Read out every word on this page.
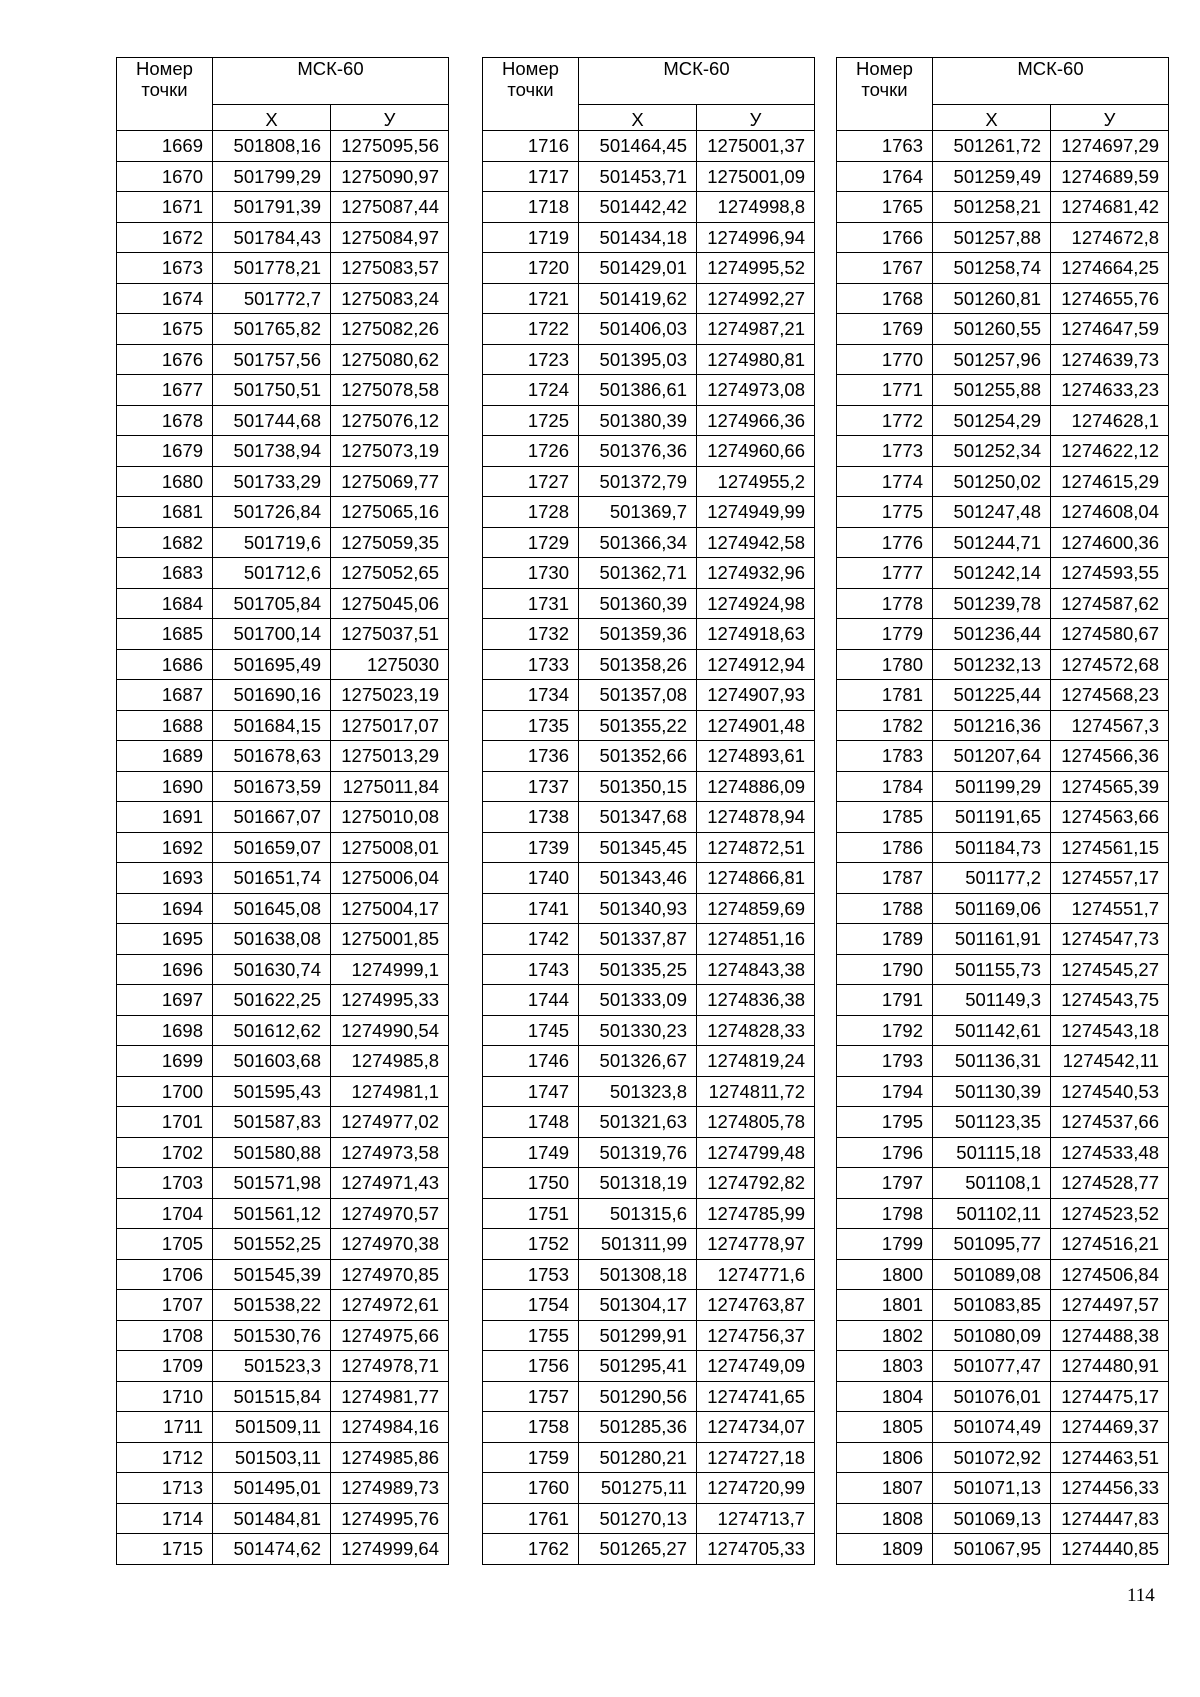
Номер
точки	МСК-60	
	Х	У
1669	501808,16	1275095,56
1670	501799,29	1275090,97
1671	501791,39	1275087,44
1672	501784,43	1275084,97
1673	501778,21	1275083,57
1674	501772,7	1275083,24
1675	501765,82	1275082,26
1676	501757,56	1275080,62
1677	501750,51	1275078,58
1678	501744,68	1275076,12
1679	501738,94	1275073,19
1680	501733,29	1275069,77
1681	501726,84	1275065,16
1682	501719,6	1275059,35
1683	501712,6	1275052,65
1684	501705,84	1275045,06
1685	501700,14	1275037,51
1686	501695,49	1275030
1687	501690,16	1275023,19
1688	501684,15	1275017,07
1689	501678,63	1275013,29
1690	501673,59	1275011,84
1691	501667,07	1275010,08
1692	501659,07	1275008,01
1693	501651,74	1275006,04
1694	501645,08	1275004,17
1695	501638,08	1275001,85
1696	501630,74	1274999,1
1697	501622,25	1274995,33
1698	501612,62	1274990,54
1699	501603,68	1274985,8
1700	501595,43	1274981,1
1701	501587,83	1274977,02
1702	501580,88	1274973,58
1703	501571,98	1274971,43
1704	501561,12	1274970,57
1705	501552,25	1274970,38
1706	501545,39	1274970,85
1707	501538,22	1274972,61
1708	501530,76	1274975,66
1709	501523,3	1274978,71
1710	501515,84	1274981,77
1711	501509,11	1274984,16
1712	501503,11	1274985,86
1713	501495,01	1274989,73
1714	501484,81	1274995,76
1715	501474,62	1274999,64
Номер
точки	МСК-60	
	Х	У
1716	501464,45	1275001,37
1717	501453,71	1275001,09
1718	501442,42	1274998,8
1719	501434,18	1274996,94
1720	501429,01	1274995,52
1721	501419,62	1274992,27
1722	501406,03	1274987,21
1723	501395,03	1274980,81
1724	501386,61	1274973,08
1725	501380,39	1274966,36
1726	501376,36	1274960,66
1727	501372,79	1274955,2
1728	501369,7	1274949,99
1729	501366,34	1274942,58
1730	501362,71	1274932,96
1731	501360,39	1274924,98
1732	501359,36	1274918,63
1733	501358,26	1274912,94
1734	501357,08	1274907,93
1735	501355,22	1274901,48
1736	501352,66	1274893,61
1737	501350,15	1274886,09
1738	501347,68	1274878,94
1739	501345,45	1274872,51
1740	501343,46	1274866,81
1741	501340,93	1274859,69
1742	501337,87	1274851,16
1743	501335,25	1274843,38
1744	501333,09	1274836,38
1745	501330,23	1274828,33
1746	501326,67	1274819,24
1747	501323,8	1274811,72
1748	501321,63	1274805,78
1749	501319,76	1274799,48
1750	501318,19	1274792,82
1751	501315,6	1274785,99
1752	501311,99	1274778,97
1753	501308,18	1274771,6
1754	501304,17	1274763,87
1755	501299,91	1274756,37
1756	501295,41	1274749,09
1757	501290,56	1274741,65
1758	501285,36	1274734,07
1759	501280,21	1274727,18
1760	501275,11	1274720,99
1761	501270,13	1274713,7
1762	501265,27	1274705,33
Номер
точки	МСК-60	
	Х	У
1763	501261,72	1274697,29
1764	501259,49	1274689,59
1765	501258,21	1274681,42
1766	501257,88	1274672,8
1767	501258,74	1274664,25
1768	501260,81	1274655,76
1769	501260,55	1274647,59
1770	501257,96	1274639,73
1771	501255,88	1274633,23
1772	501254,29	1274628,1
1773	501252,34	1274622,12
1774	501250,02	1274615,29
1775	501247,48	1274608,04
1776	501244,71	1274600,36
1777	501242,14	1274593,55
1778	501239,78	1274587,62
1779	501236,44	1274580,67
1780	501232,13	1274572,68
1781	501225,44	1274568,23
1782	501216,36	1274567,3
1783	501207,64	1274566,36
1784	501199,29	1274565,39
1785	501191,65	1274563,66
1786	501184,73	1274561,15
1787	501177,2	1274557,17
1788	501169,06	1274551,7
1789	501161,91	1274547,73
1790	501155,73	1274545,27
1791	501149,3	1274543,75
1792	501142,61	1274543,18
1793	501136,31	1274542,11
1794	501130,39	1274540,53
1795	501123,35	1274537,66
1796	501115,18	1274533,48
1797	501108,1	1274528,77
1798	501102,11	1274523,52
1799	501095,77	1274516,21
1800	501089,08	1274506,84
1801	501083,85	1274497,57
1802	501080,09	1274488,38
1803	501077,47	1274480,91
1804	501076,01	1274475,17
1805	501074,49	1274469,37
1806	501072,92	1274463,51
1807	501071,13	1274456,33
1808	501069,13	1274447,83
1809	501067,95	1274440,85
114
